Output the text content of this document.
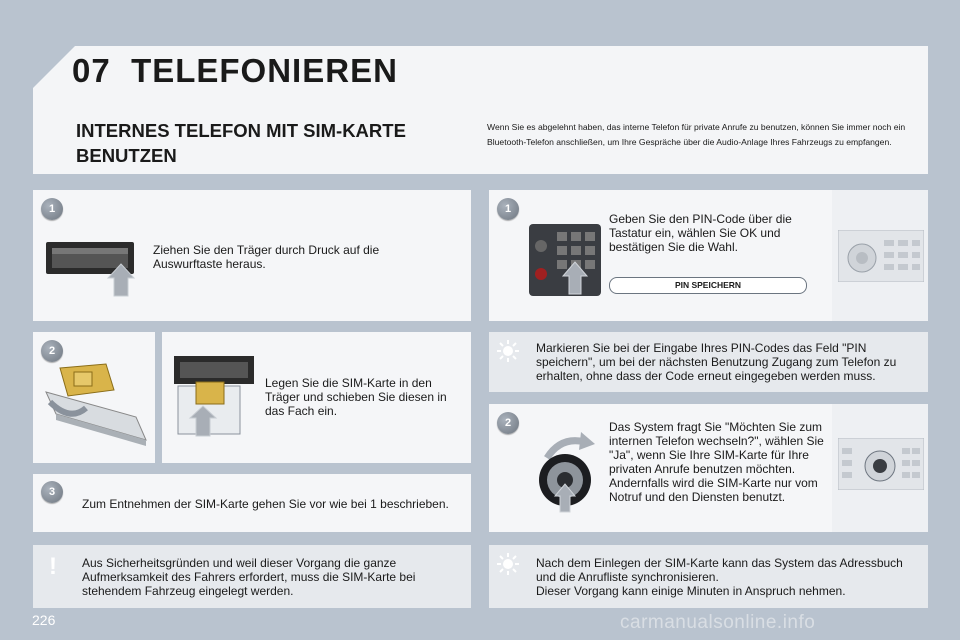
07 TELEFONIEREN
INTERNES TELEFON MIT SIM-KARTE
BENUTZEN
Wenn Sie es abgelehnt haben, das interne Telefon für private Anrufe zu benutzen, können Sie immer noch ein Bluetooth-Telefon anschließen, um Ihre Gespräche über die Audio-Anlage Ihres Fahrzeugs zu empfangen.
1
Ziehen Sie den Träger durch Druck auf die Auswurftaste heraus.
2
Legen Sie die SIM-Karte in den Träger und schieben Sie diesen in das Fach ein.
3
Zum Entnehmen der SIM-Karte gehen Sie vor wie bei 1 beschrieben.
!	Aus Sicherheitsgründen und weil dieser Vorgang die ganze Aufmerksamkeit des Fahrers erfordert, muss die SIM-Karte bei stehendem Fahrzeug eingelegt werden.
1
Geben Sie den PIN-Code über die Tastatur ein, wählen Sie OK und bestätigen Sie die Wahl.
PIN SPEICHERN
Markieren Sie bei der Eingabe Ihres PIN-Codes das Feld "PIN speichern", um bei der nächsten Benutzung Zugang zum Telefon zu erhalten, ohne dass der Code erneut eingegeben werden muss.
2	Das System fragt Sie "Möchten Sie zum internen Telefon wechseln?", wählen Sie "Ja", wenn Sie Ihre SIM-Karte für Ihre privaten Anrufe benutzen möchten. Andernfalls wird die SIM-Karte nur vom Notruf und den Diensten benutzt.
Nach dem Einlegen der SIM-Karte kann das System das Adressbuch und die Anrufliste synchronisieren.
Dieser Vorgang kann einige Minuten in Anspruch nehmen.
226	carmanualsonline.info
